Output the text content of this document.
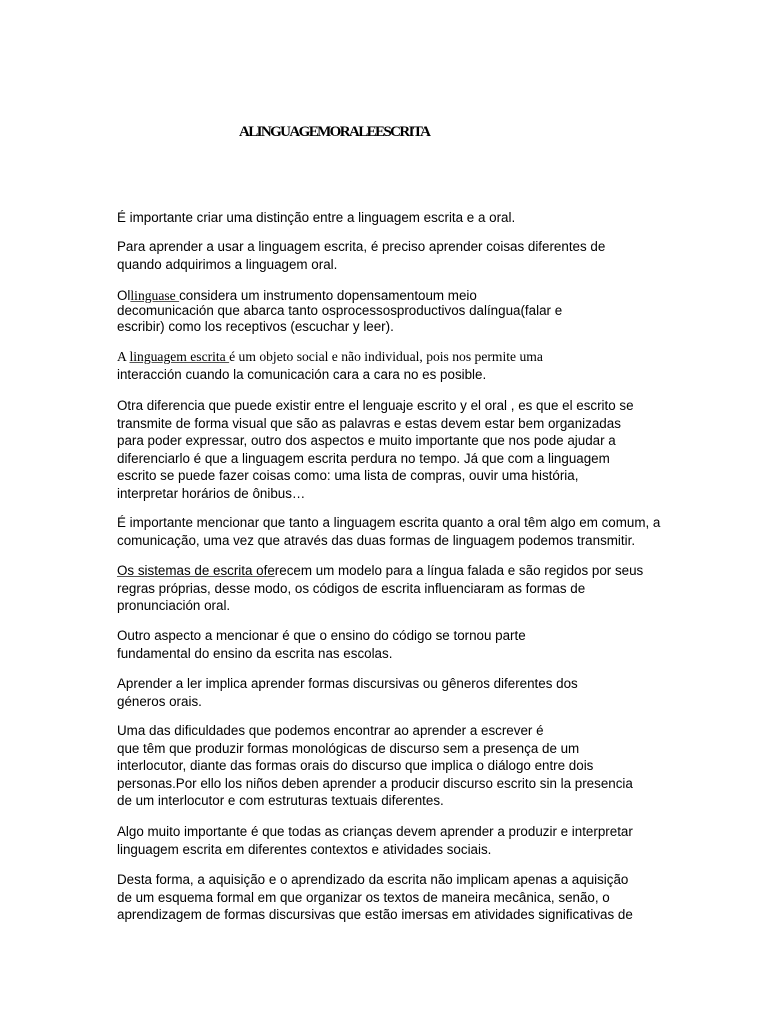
ALINGUAGEMORALEESCRITA
É importante criar uma distinção entre a linguagem escrita e a oral.
Para aprender a usar a linguagem escrita, é preciso aprender coisas diferentes de
quando adquirimos a linguagem oral.
Ollinguase considera um instrumento dopensamentoum meio
decomunicación que abarca tanto osprocessosproductivos dalíngua(falar e
escribir) como los receptivos (escuchar y leer).
A linguagem escrita é um objeto social e não individual, pois nos permite uma
interacción cuando la comunicación cara a cara no es posible.
Otra diferencia que puede existir entre el lenguaje escrito y el oral , es que el escrito se
transmite de forma visual que são as palavras e estas devem estar bem organizadas
para poder expressar, outro dos aspectos e muito importante que nos pode ajudar a
diferenciarlo é que a linguagem escrita perdura no tempo. Já que com a linguagem
escrito se puede fazer coisas como: uma lista de compras, ouvir uma história,
interpretar horários de ônibus…
É importante mencionar que tanto a linguagem escrita quanto a oral têm algo em comum, a
comunicação, uma vez que através das duas formas de linguagem podemos transmitir.
Os sistemas de escrita oferecem um modelo para a língua falada e são regidos por seus
regras próprias, desse modo, os códigos de escrita influenciaram as formas de
pronunciación oral.
Outro aspecto a mencionar é que o ensino do código se tornou parte
fundamental do ensino da escrita nas escolas.
Aprender a ler implica aprender formas discursivas ou gêneros diferentes dos
géneros orais.
Uma das dificuldades que podemos encontrar ao aprender a escrever é
que têm que produzir formas monológicas de discurso sem a presença de um
interlocutor, diante das formas orais do discurso que implica o diálogo entre dois
personas.Por ello los niños deben aprender a producir discurso escrito sin la presencia
de um interlocutor e com estruturas textuais diferentes.
Algo muito importante é que todas as crianças devem aprender a produzir e interpretar
linguagem escrita em diferentes contextos e atividades sociais.
Desta forma, a aquisição e o aprendizado da escrita não implicam apenas a aquisição
de um esquema formal em que organizar os textos de maneira mecânica, senão, o
aprendizagem de formas discursivas que estão imersas em atividades significativas de
